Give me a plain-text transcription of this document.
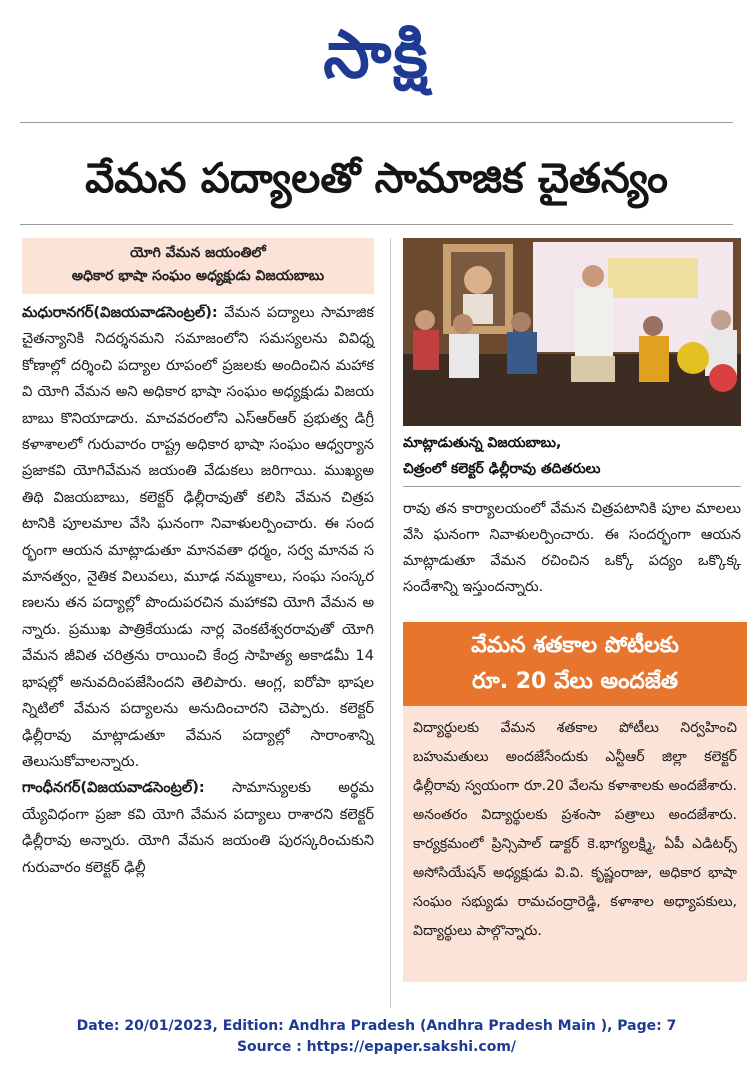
సాక్షి
వేమన పద్యాలతో సామాజిక చైతన్యం
యోగి వేమన జయంతిలో
అధికార భాషా సంఘం అధ్యక్షుడు విజయబాబు

మధురానగర్(విజయవాడసెంట్రల్): వేమన పద్యాలు సామాజిక చైతన్యానికి నిదర్శనమని సమాజంలోని సమస్యలను వివిధ్న కోణాల్లో దర్శించి పద్యాల రూపంలో ప్రజలకు అందించిన మహాకవి యోగి వేమన అని అధికార భాషా సంఘం అధ్యక్షుడు విజయబాబు కొనియాడారు. మాచవరంలోని ఎస్ఆర్ఆర్ ప్రభుత్వ డిగ్రీ కళాశాలలో గురువారం రాష్ట్ర అధికార భాషా సంఘం ఆధ్వర్యాన ప్రజాకవి యోగివేమన జయంతి వేడుకలు జరిగాయి. ముఖ్యఅతిథి విజయబాబు, కలెక్టర్ ఢిల్లీరావుతో కలిసి వేమన చిత్రపటానికి పూలమాల వేసి ఘనంగా నివాళులర్పించారు. ఈ సందర్భంగా ఆయన మాట్లాడుతూ మానవతా ధర్మం, సర్వ మానవ సమానత్వం, నైతిక విలువలు, మూఢ నమ్మకాలు, సంఘ సంస్కరణలను తన పద్యాల్లో పొందుపరచిన మహాకవి యోగి వేమన అన్నారు. ప్రముఖ పాత్రికేయుడు నార్ల వెంకటేశ్వరరావుతో యోగి వేమన జీవిత చరిత్రను రాయించి కేంద్ర సాహిత్య అకాడమీ 14 భాషల్లో అనువదింపజేసిందని తెలిపారు. ఆంగ్ల, ఐరోపా భాషలన్నిటిలో వేమన పద్యాలను అనుదించారని చెప్పారు. కలెక్టర్ ఢిల్లీరావు మాట్లాడుతూ వేమన పద్యాల్లో సారాంశాన్ని తెలుసుకోవాలన్నారు.

గాంధీనగర్(విజయవాడసెంట్రల్): సామాన్యులకు అర్థమయ్యేవిధంగా ప్రజా కవి యోగి వేమన పద్యాలు రాశారని కలెక్టర్ ఢిల్లీరావు అన్నారు. యోగి వేమన జయంతి పురస్కరించుకుని గురువారం కలెక్టర్ ఢిల్లీ

మాట్లాడుతున్న విజయబాబు,
చిత్రంలో కలెక్టర్ ఢిల్లీరావు తదితరులు

రావు తన కార్యాలయంలో వేమన చిత్రపటానికి పూల మాలలు వేసి ఘనంగా నివాళులర్పించారు. ఈ సందర్భంగా ఆయన మాట్లాడుతూ వేమన రచించిన ఒక్కో పద్యం ఒక్కొక్క సందేశాన్ని ఇస్తుందన్నారు.

వేమన శతకాల పోటీలకు
రూ. 20 వేలు అందజేత
విద్యార్థులకు వేమన శతకాల పోటీలు నిర్వహించి బహుమతులు అందజేసేందుకు ఎన్టీఆర్ జిల్లా కలెక్టర్ ఢిల్లీరావు స్వయంగా రూ.20 వేలను కళాశాలకు అందజేశారు. అనంతరం విద్యార్థులకు ప్రశంసా పత్రాలు అందజేశారు. కార్యక్రమంలో ప్రిన్సిపాల్ డాక్టర్ కె.భాగ్యలక్ష్మి, ఏపీ ఎడిటర్స్ అసోసియేషన్ అధ్యక్షుడు వి.వి. కృష్ణంరాజు, అధికార భాషా సంఘం సభ్యుడు రామచంద్రారెడ్డి, కళాశాల అధ్యాపకులు, విద్యార్థులు పాల్గొన్నారు.
Date: 20/01/2023, Edition: Andhra Pradesh (Andhra Pradesh Main ), Page: 7
Source : https://epaper.sakshi.com/
